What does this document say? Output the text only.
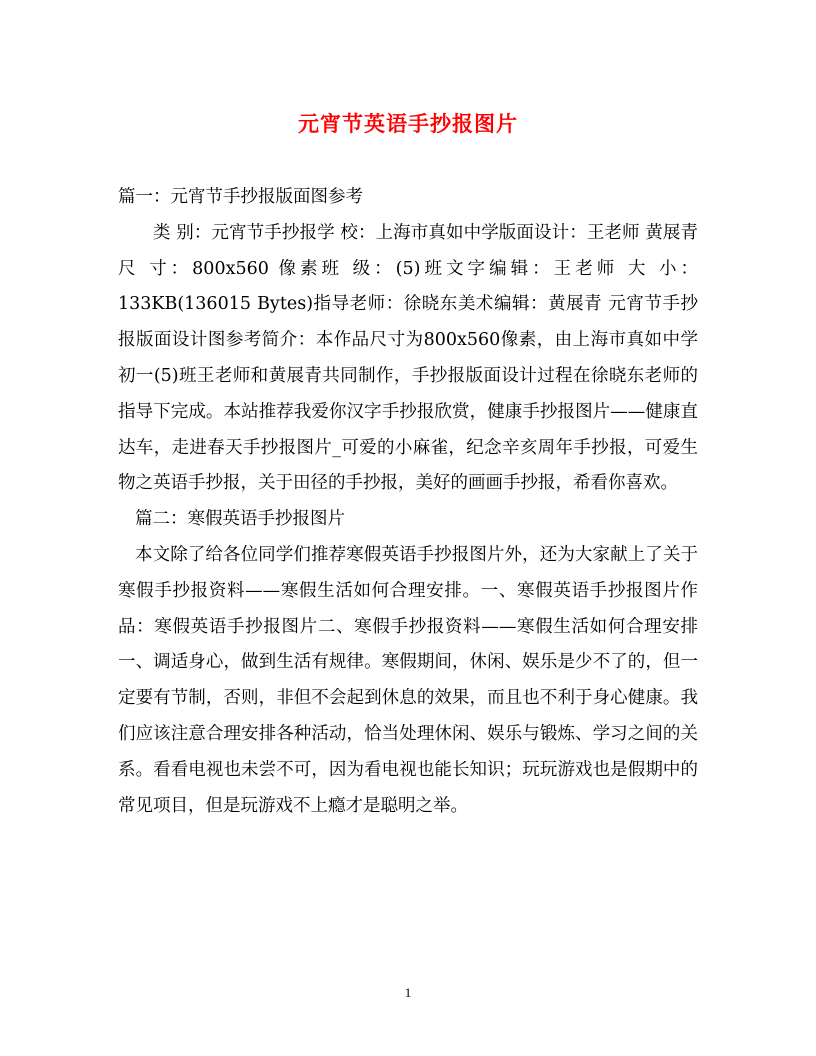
元宵节英语手抄报图片

篇一：元宵节手抄报版面图参考

类 别：元宵节手抄报学 校：上海市真如中学版面设计：王老师 黄展青 尺 寸：800x560 像素班 级：(5)班文字编辑：王老师 大 小：133KB(136015 Bytes)指导老师：徐晓东美术编辑：黄展青 元宵节手抄报版面设计图参考简介：本作品尺寸为800x560像素，由上海市真如中学初一(5)班王老师和黄展青共同制作，手抄报版面设计过程在徐晓东老师的指导下完成。本站推荐我爱你汉字手抄报欣赏，健康手抄报图片——健康直达车，走进春天手抄报图片_可爱的小麻雀，纪念辛亥周年手抄报，可爱生物之英语手抄报，关于田径的手抄报，美好的画画手抄报，希看你喜欢。

篇二：寒假英语手抄报图片

本文除了给各位同学们推荐寒假英语手抄报图片外，还为大家献上了关于寒假手抄报资料——寒假生活如何合理安排。一、寒假英语手抄报图片作品：寒假英语手抄报图片二、寒假手抄报资料——寒假生活如何合理安排一、调适身心，做到生活有规律。寒假期间，休闲、娱乐是少不了的，但一定要有节制，否则，非但不会起到休息的效果，而且也不利于身心健康。我们应该注意合理安排各种活动，恰当处理休闲、娱乐与锻炼、学习之间的关系。看看电视也未尝不可，因为看电视也能长知识；玩玩游戏也是假期中的常见项目，但是玩游戏不上瘾才是聪明之举。

1
